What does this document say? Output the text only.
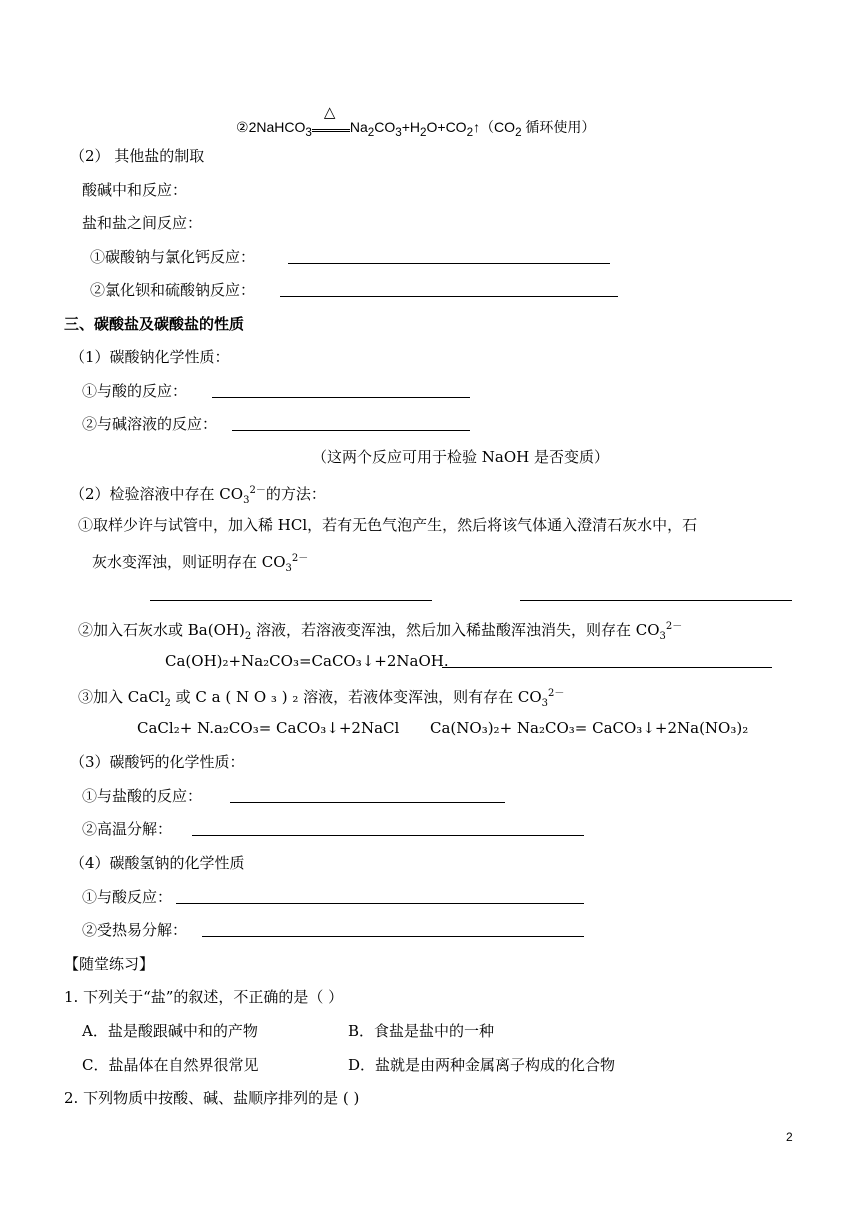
②2NaHCO$_3$
△
$Na_2CO_3+H_2O+CO_2↑(CO_2$ 循环使用）
（2） 其他盐的制取
酸碱中和反应：
盐和盐之间反应：
①碳酸钠与氯化钙反应：
②氯化钡和硫酸钠反应：
三、碳酸盐及碳酸盐的性质
（1）碳酸钠化学性质：
①与酸的反应：
②与碱溶液的反应：
（这两个反应可用于检验 NaOH 是否变质）
（2）检验溶液中存在 $CO_3^{2-}$的方法：
①取样少许与试管中，加入稀 HCl，若有无色气泡产生，然后将该气体通入澄清石灰水中，石
灰水变浑浊，则证明存在 $CO_3^{2-}$
②加入石灰水或 $Ba(OH)_2$ 溶液，若溶液变浑浊，然后加入稀盐酸浑浊消失，则存在 $CO_3^{2-}$
Ca(OH)₂+Na₂CO₃=CaCO₃↓+2NaOH.
③加入 CaCl$_2$ 或 C a ( N O ₃ ) ₂ 溶液，若液体变浑浊，则有存在 $CO_3^{2-}$
CaCl₂+ N.a₂CO₃= CaCO₃↓+2NaCl Ca(NO₃)₂+ Na₂CO₃= CaCO₃↓+2Na(NO₃)₂
（3）碳酸钙的化学性质：
①与盐酸的反应：
②高温分解：
（4）碳酸氢钠的化学性质
①与酸反应：
②受热易分解：
【随堂练习】
1. 下列关于“盐”的叙述，不正确的是（ ）
A．盐是酸跟碱中和的产物	B．食盐是盐中的一种
C．盐晶体在自然界很常见	D．盐就是由两种金属离子构成的化合物
2. 下列物质中按酸、碱、盐顺序排列的是 ( )
2
